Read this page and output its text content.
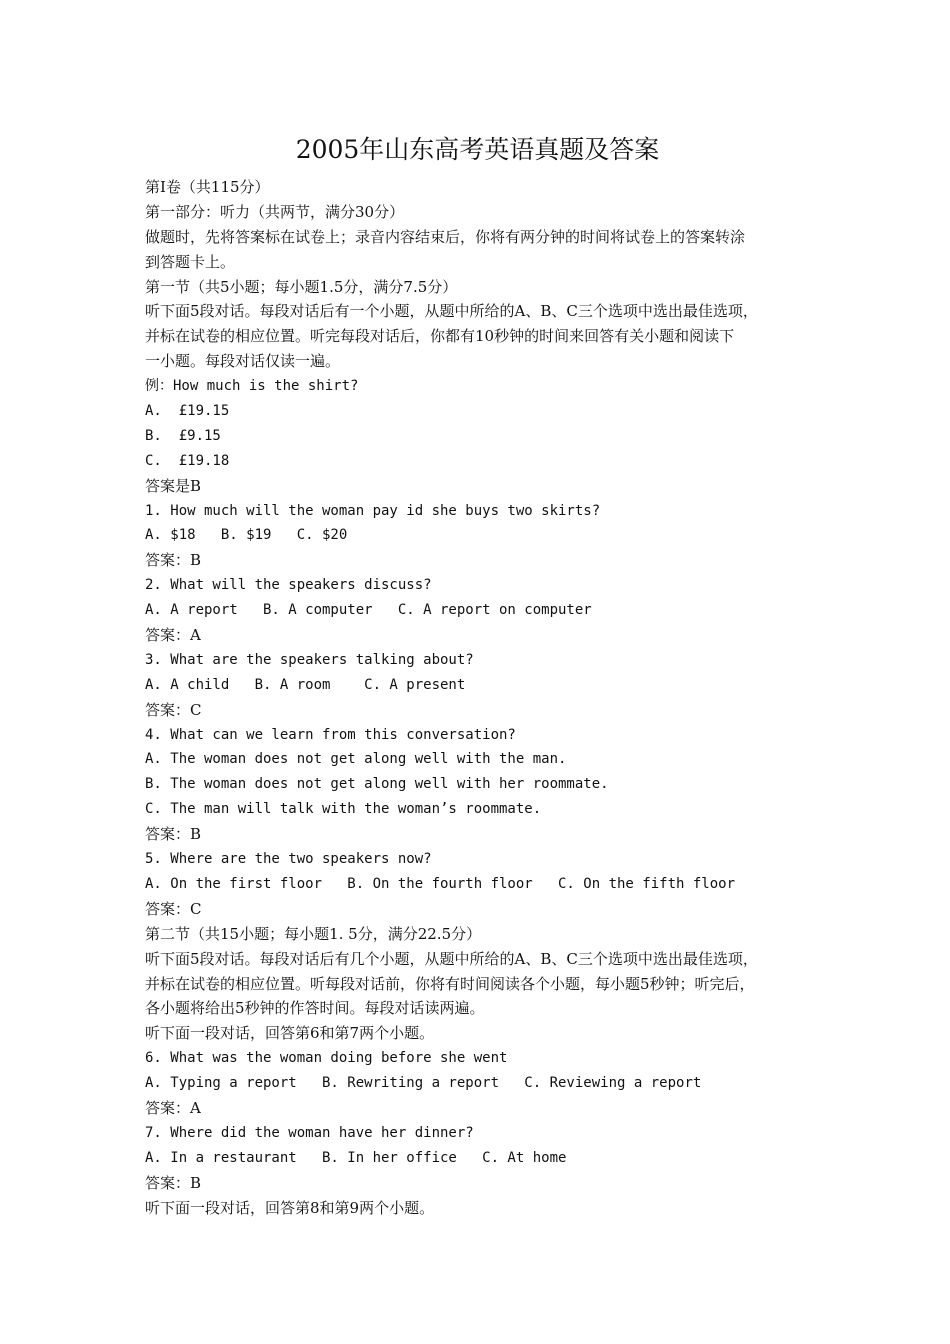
2005年山东高考英语真题及答案
第Ⅰ卷（共115分）
第一部分：听力（共两节，满分30分）
做题时，先将答案标在试卷上；录音内容结束后，你将有两分钟的时间将试卷上的答案转涂
到答题卡上。
第一节（共5小题；每小题1.5分，满分7.5分）
听下面5段对话。每段对话后有一个小题，从题中所给的A、B、C三个选项中选出最佳选项，
并标在试卷的相应位置。听完每段对话后，你都有10秒钟的时间来回答有关小题和阅读下
一小题。每段对话仅读一遍。
例：How much is the shirt?
A.  £19.15
B.  £9.15
C.  £19.18
答案是B
1. How much will the woman pay id she buys two skirts?
A. $18   B. $19   C. $20
答案：B
2. What will the speakers discuss?
A. A report   B. A computer   C. A report on computer
答案：A
3. What are the speakers talking about?
A. A child   B. A room    C. A present
答案：C
4. What can we learn from this conversation?
A. The woman does not get along well with the man.
B. The woman does not get along well with her roommate.
C. The man will talk with the woman’s roommate.
答案：B
5. Where are the two speakers now?
A. On the first floor   B. On the fourth floor   C. On the fifth floor
答案：C
第二节（共15小题；每小题1. 5分，满分22.5分）
听下面5段对话。每段对话后有几个小题，从题中所给的A、B、C三个选项中选出最佳选项，
并标在试卷的相应位置。听每段对话前，你将有时间阅读各个小题，每小题5秒钟；听完后，
各小题将给出5秒钟的作答时间。每段对话读两遍。
听下面一段对话，回答第6和第7两个小题。
6. What was the woman doing before she went
A. Typing a report   B. Rewriting a report   C. Reviewing a report
答案：A
7. Where did the woman have her dinner?
A. In a restaurant   B. In her office   C. At home
答案：B
听下面一段对话，回答第8和第9两个小题。
